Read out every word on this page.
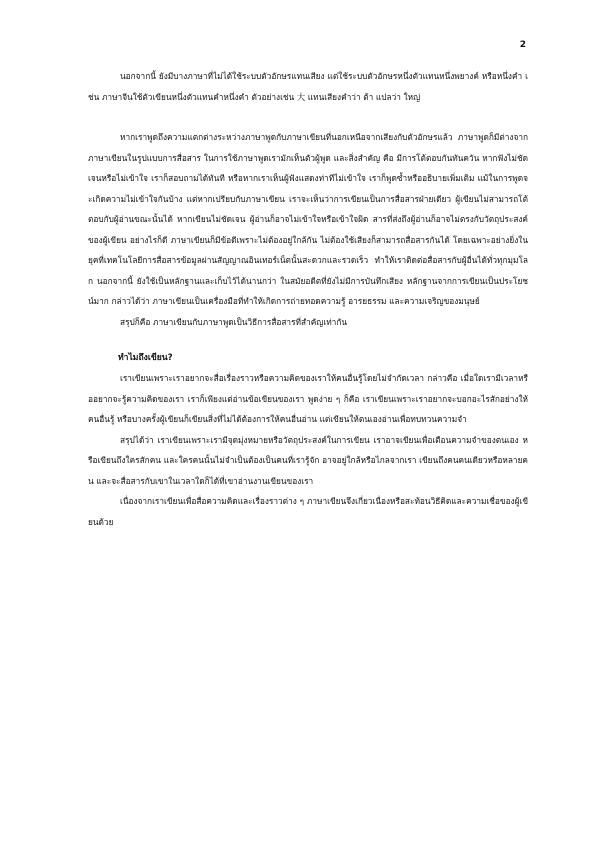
2

นอกจากนี้ ยังมีบางภาษาที่ไม่ได้ใช้ระบบตัวอักษรแทนเสียง แต่ใช้ระบบตัวอักษรหนึ่งตัวแทนหนึ่งพยางค์ หรือหนึ่งคำ เช่น ภาษาจีนใช้ตัวเขียนหนึ่งตัวแทนคำหนึ่งคำ ตัวอย่างเช่น 大 แทนเสียงคำว่า ต้า แปลว่า ใหญ่

หากเราพูดถึงความแตกต่างระหว่างภาษาพูดกับภาษาเขียนที่นอกเหนือจากเสียงกับตัวอักษรแล้ว ภาษาพูดก็มีต่างจากภาษาเขียนในรูปแบบการสื่อสาร ในการใช้ภาษาพูดเรามักเห็นตัวผู้พูด และสิ่งสำคัญ คือ มีการโต้ตอบกันทันควัน หากฟังไม่ชัดเจนหรือไม่เข้าใจ เราก็สอบถามได้ทันที หรือหากเราเห็นผู้ฟังแสดงท่าทีไม่เข้าใจ เราก็พูดซ้ำหรืออธิบายเพิ่มเติม แม้ในการพูดจะเกิดความไม่เข้าใจกันบ้าง แต่หากเปรียบกับภาษาเขียน เราจะเห็นว่าการเขียนเป็นการสื่อสารฝ่ายเดียว ผู้เขียนไม่สามารถโต้ตอบกับผู้อ่านขณะนั้นได้ หากเขียนไม่ชัดเจน ผู้อ่านก็อาจไม่เข้าใจหรือเข้าใจผิด สารที่ส่งถึงผู้อ่านก็อาจไม่ตรงกับวัตถุประสงค์ของผู้เขียน อย่างไรก็ดี ภาษาเขียนก็มีข้อดีเพราะไม่ต้องอยู่ใกล้กัน ไม่ต้องใช้เสียงก็สามารถสื่อสารกันได้ โดยเฉพาะอย่างยิ่งในยุคที่เทคโนโลยีการสื่อสารข้อมูลผ่านสัญญาณอินเทอร์เน็ตนั้นสะดวกและรวดเร็ว ทำให้เราติดต่อสื่อสารกับผู้อื่นได้ทั่วทุกมุมโลก นอกจากนี้ ยังใช้เป็นหลักฐานและเก็บไว้ได้นานกว่า ในสมัยอดีตที่ยังไม่มีการบันทึกเสียง หลักฐานจากการเขียนเป็นประโยชน์มาก กล่าวได้ว่า ภาษาเขียนเป็นเครื่องมือที่ทำให้เกิดการถ่ายทอดความรู้ อารยธรรม และความเจริญของมนุษย์

สรุปก็คือ ภาษาเขียนกับภาษาพูดเป็นวิธีการสื่อสารที่สำคัญเท่ากัน

ทำไมถึงเขียน?

เราเขียนเพราะเราอยากจะสื่อเรื่องราวหรือความคิดของเราให้คนอื่นรู้โดยไม่จำกัดเวลา กล่าวคือ เมื่อใดเรามีเวลาหรืออยากจะรู้ความคิดของเรา เราก็เพียงแต่อ่านข้อเขียนของเรา พูดง่าย ๆ ก็คือ เราเขียนเพราะเราอยากจะบอกอะไรสักอย่างให้คนอื่นรู้ หรือบางครั้งผู้เขียนก็เขียนสิ่งที่ไม่ได้ต้องการให้คนอื่นอ่าน แต่เขียนให้ตนเองอ่านเพื่อทบทวนความจำ

สรุปได้ว่า เราเขียนเพราะเรามีจุดมุ่งหมายหรือวัตถุประสงค์ในการเขียน เราอาจเขียนเพื่อเตือนความจำของตนเอง หรือเขียนถึงใครสักคน และใครคนนั้นไม่จำเป็นต้องเป็นคนที่เรารู้จัก อาจอยู่ใกล้หรือไกลจากเรา เขียนถึงคนคนเดียวหรือหลายคน และจะสื่อสารกับเขาในเวลาใดก็ได้ที่เขาอ่านงานเขียนของเรา

เนื่องจากเราเขียนเพื่อสื่อความคิดและเรื่องราวต่าง ๆ ภาษาเขียนจึงเกี่ยวเนื่องหรือสะท้อนวิธีคิดและความเชื่อของผู้เขียนด้วย
